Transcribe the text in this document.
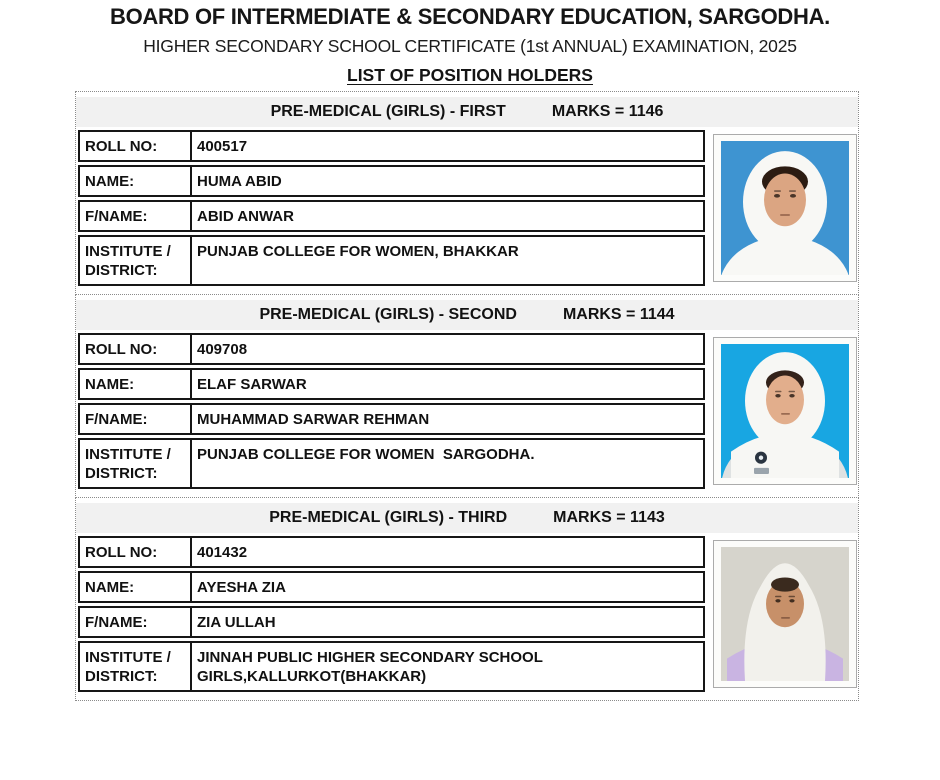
BOARD OF INTERMEDIATE & SECONDARY EDUCATION, SARGODHA.
HIGHER SECONDARY SCHOOL CERTIFICATE (1st ANNUAL) EXAMINATION, 2025
LIST OF POSITION HOLDERS
PRE-MEDICAL (GIRLS) - FIRST	MARKS = 1146
ROLL NO:	400517
NAME:	HUMA ABID
F/NAME:	ABID ANWAR
INSTITUTE / DISTRICT:
PUNJAB COLLEGE FOR WOMEN, BHAKKAR
PRE-MEDICAL (GIRLS) - SECOND	MARKS = 1144
ROLL NO:	409708
NAME:	ELAF SARWAR
F/NAME:	MUHAMMAD SARWAR REHMAN
INSTITUTE / DISTRICT:
PUNJAB COLLEGE FOR WOMEN  SARGODHA.
PRE-MEDICAL (GIRLS) - THIRD	MARKS = 1143
ROLL NO:	401432
NAME:	AYESHA ZIA
F/NAME:	ZIA ULLAH
INSTITUTE / DISTRICT:
JINNAH PUBLIC HIGHER SECONDARY SCHOOL GIRLS,KALLURKOT(BHAKKAR)
